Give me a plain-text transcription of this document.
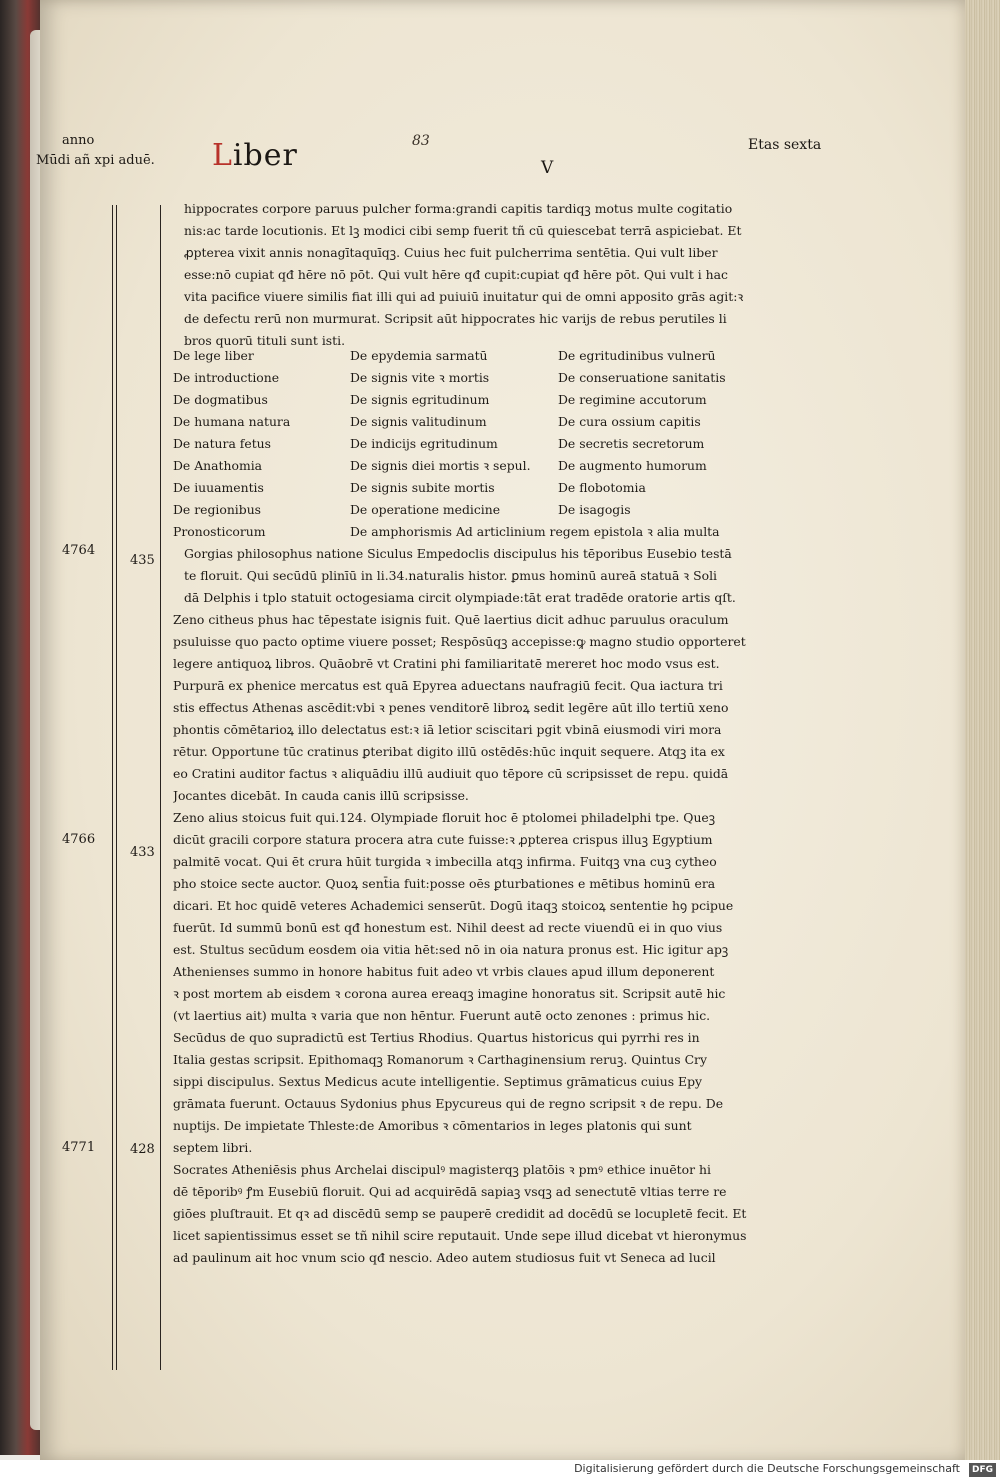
anno
Mūdi añ xpi aduē. Liber	83
V
Etas sexta
4764
435
4766
433
4771	428

hippocrates corpore paruus pulcher forma:grandi capitis tardiqꝫ motus multe cogitatio

nis:ac tarde locutionis. Et lꝫ modici cibi semp fuerit tñ cū quiescebat terrā aspiciebat. Et

ꝓpterea vixit annis nonagītaquīqꝫ. Cuius hec fuit pulcherrima sentētia. Qui vult liber

esse:nō cupiat qđ hēre nō pōt. Qui vult hēre qđ cupit:cupiat qđ hēre pōt. Qui vult i hac

vita pacifice viuere similis fiat illi qui ad puiuiū inuitatur qui de omni apposito grās agit:ꝛ

de defectu rerū non murmurat. Scripsit aūt hippocrates hic varijs de rebus perutiles li

bros quorū tituli sunt isti.

De lege liber	De epydemia sarmatū	De egritudinibus vulnerū
De introductione	De signis vite ꝛ mortis	De conseruatione sanitatis
De dogmatibus	De signis egritudinum	De regimine accutorum
De humana natura	De signis valitudinum	De cura ossium capitis
De natura fetus	De indicijs egritudinum	De secretis secretorum
De Anathomia	De signis diei mortis ꝛ sepul. De augmento humorum
De iuuamentis	De signis subite mortis	De flobotomia
De regionibus	De operatione medicine	De isagogis
Pronosticorum	De amphorismis Ad articlinium regem epistola ꝛ alia multa

Gorgias philosophus natione Siculus Empedoclis discipulus his tēporibus Eusebio testā

te floruit. Qui secūdū plinīū in li.34.naturalis histor. ꝑmus hominū aureā statuā ꝛ Soli

dā Delphis i tplo statuit octogesiama circit olympiade:tāt erat tradēde oratorie artis qſt.

Zeno citheus phus hac tēpestate isignis fuit. Quē laertius dicit adhuc paruulus oraculum

psuluisse quo pacto optime viuere posset; Respōsūqꝫ accepisse:ꝙ magno studio opporteret

legere antiquoꝝ libros. Quāobrē vt Cratini phi familiaritatē mereret hoc modo vsus est.

Purpurā ex phenice mercatus est quā Epyrea aduectans naufragiū fecit. Qua iactura tri

stis effectus Athenas ascēdit:vbi ꝛ penes venditorē libroꝝ sedit legēre aūt illo tertiū xeno

phontis cōmētarioꝝ illo delectatus est:ꝛ iā letior sciscitari pgit vbinā eiusmodi viri mora

rētur. Opportune tūc cratinus ꝑteribat digito illū ostēdēs:hūc inquit sequere. Atqꝫ ita ex

eo Cratini auditor factus ꝛ aliquādiu illū audiuit quo tēpore cū scripsisset de repu. quidā

Jocantes dicebāt. In cauda canis illū scripsisse.

Zeno alius stoicus fuit qui.124. Olympiade floruit hoc ē ptolomei philadelphi tpe. Queꝫ

dicūt gracili corpore statura procera atra cute fuisse:ꝛ ꝓpterea crispus illuꝫ Egyptium

palmitē vocat. Qui ēt crura hūit turgida ꝛ imbecilla atqꝫ infirma. Fuitqꝫ vna cuꝫ cytheo

pho stoice secte auctor. Quoꝝ sent̄ia fuit:posse oēs ꝑturbationes e mētibus hominū era

dicari. Et hoc quidē veteres Achademici senserūt. Dogū itaqꝫ stoicoꝝ sententie hꝯ pcipue

fuerūt. Id summū bonū est qđ honestum est. Nihil deest ad recte viuendū ei in quo vius

est. Stultus secūdum eosdem oia vitia hēt:sed nō in oia natura pronus est. Hic igitur apꝫ

Athenienses summo in honore habitus fuit adeo vt vrbis claues apud illum deponerent

ꝛ post mortem ab eisdem ꝛ corona aurea ereaqꝫ imagine honoratus sit. Scripsit autē hic

(vt laertius ait) multa ꝛ varia que non hēntur. Fuerunt autē octo zenones : primus hic.

Secūdus de quo supradictū est Tertius Rhodius. Quartus historicus qui pyrrhi res in

Italia gestas scripsit. Epithomaqꝫ Romanorum ꝛ Carthaginensium reruꝫ. Quintus Cry

sippi discipulus. Sextus Medicus acute intelligentie. Septimus grāmaticus cuius Epy

grāmata fuerunt. Octauus Sydonius phus Epycureus qui de regno scripsit ꝛ de repu. De

nuptijs. De impietate Thleste:de Amoribus ꝛ cōmentarios in leges platonis qui sunt

septem libri.

Socrates Atheniēsis phus Archelai discipulꝰ magisterqꝫ platōis ꝛ pmꝰ ethice inuētor hi

dē tēporibꝰ ꝭm Eusebiū floruit. Qui ad acquirēdā sapiaꝫ vsqꝫ ad senectutē vltias terre re

giōes pluſtrauit. Et qꝛ ad discēdū semp se pauperē credidit ad docēdū se locupletē fecit. Et

licet sapientissimus esset se tñ nihil scire reputauit. Unde sepe illud dicebat vt hieronymus

ad paulinum ait hoc vnum scio qđ nescio. Adeo autem studiosus fuit vt Seneca ad lucil

Digitalisierung gefördert durch die Deutsche Forschungsgemeinschaft	DFG
